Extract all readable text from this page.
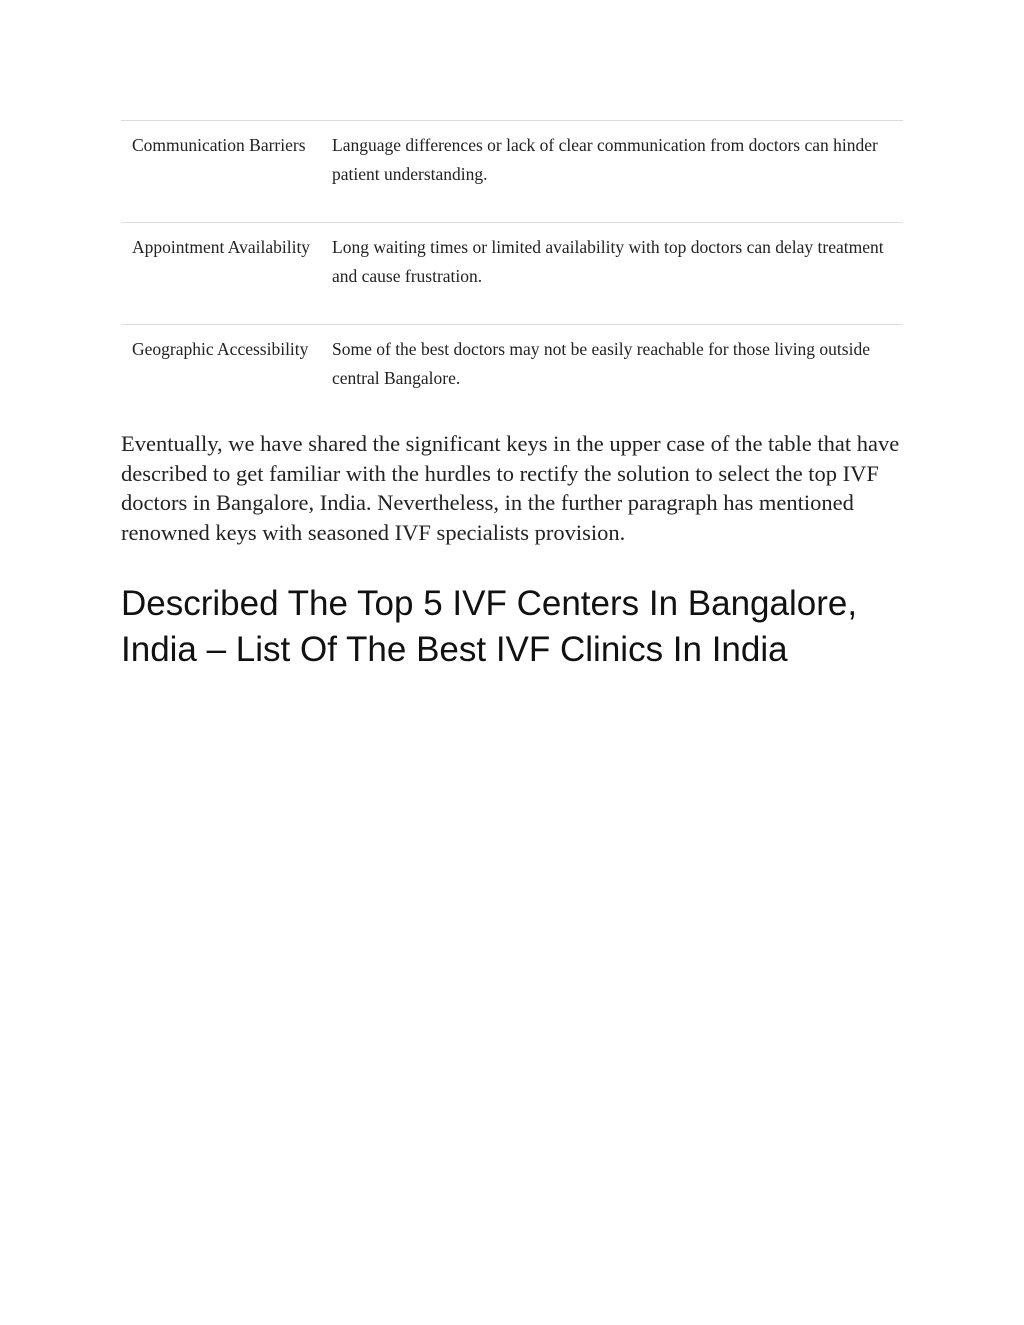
Communication Barriers	Language differences or lack of clear communication from doctors can hinder patient understanding.
Appointment Availability	Long waiting times or limited availability with top doctors can delay treatment and cause frustration.
Geographic Accessibility	Some of the best doctors may not be easily reachable for those living outside central Bangalore.

Eventually, we have shared the significant keys in the upper case of the table that have described to get familiar with the hurdles to rectify the solution to select the top IVF doctors in Bangalore, India. Nevertheless, in the further paragraph has mentioned renowned keys with seasoned IVF specialists provision.

Described The Top 5 IVF Centers In Bangalore, India – List Of The Best IVF Clinics In India
